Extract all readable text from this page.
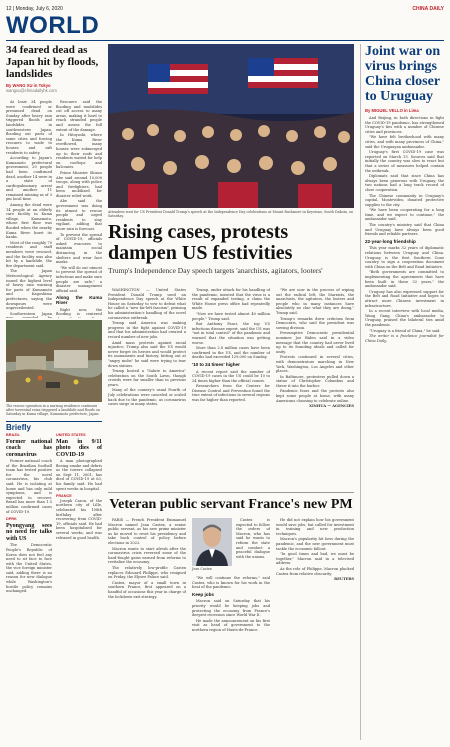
12 | Monday, July 6, 2020	CHINA DAILY
WORLD
34 feared dead as Japan hit by floods, landslides
By WANG XU in Tokyo
wangxu@chinadailyhk.com

At least 34 people were confirmed or presumed dead on Sunday after heavy rain triggered floods and landslides in southwestern Japan, flooding out parts of some cities and forcing rescuers to wade to houses and raft residents to safety.

According to Japan's Kumamoto prefectural government, 20 people had been confirmed dead, another 14 were in a state of cardiopulmonary arrest and another 11 remained missing as of 3 pm local time.

Among the dead were 14 people at an elderly care facility in Kuma village, Kumamoto, whose first floor was flooded when the nearby Kuma River burst its banks.

Most of the roughly 70 residents and staff members were rescued, and the facility was also hit by a landslide, the fire department said.

The Japan Meteorological Agency issued the highest level of heavy rain warning for parts of Kumamoto and Kagoshima prefectures, saying the downpours were unprecedented.

Southwestern Japan

Rescuers said the flooding and mudslides cut off access to many areas, making it hard to reach stranded people and assess the full extent of the damage.

In Hitoyoshi, where the Kuma River overflowed, many houses were submerged up to their roofs and residents waited for help on rooftops and balconies.

Prime Minister Shinzo Abe said around 10,000 troops, along with police and firefighters, had been mobilized for disaster relief work.

Abe said the government was doing its utmost to rescue people and urged residents to stay vigilant, adding that more rain is forecast.

To prevent the spread of COVID-19, officials asked evacuees to maintain social distancing in the shelters and wear face masks.

"We will do our utmost to prevent the spread of infections and make sure people are safe," a disaster management official said.

Along the Kuma River

Right now, the flooding is centered

The rescue operation in a nursing residence continues after torrential rains triggered a landslide and floods on Saturday in Kuma village, Kumamoto prefecture, Japan.
Briefly
BRAZIL
Former national coach has coronavirus

Former national coach of the Brazilian football team has tested positive for the novel coronavirus, his club said. He is isolating at home and has only mild symptoms, and is expected to recover. Brazil has more than 1.5 million confirmed cases of COVID-19.

DPRK
Pyongyang sees no need for talks with US

The Democratic People's Republic of Korea does not feel any need to sit face to face with the United States, the vice foreign minister said, adding there is no reason for new dialogue while Washington's hostile policy remains unchanged.

UNITED STATES
Man in 9/11 photo dies of COVID-19

A man photographed fleeing smoke and debris as the towers collapsed on Sept 11, 2001, has died of COVID-19 at 63, his family said. He had spent weeks in hospital.

FRANCE

Joseph Caron, of the northern city of Lille, celebrated his 108th birthday after recovering from COVID-19, officials said. He had been hospitalized for several weeks, and was released in good health.

Attendees wait for US President Donald Trump's speech at the Independence Day celebrations at Mount Rushmore in Keystone, South Dakota, on Saturday.
Rising cases, protests dampen US festivities
Trump's Independence Day speech targets 'anarchists, agitators, looters'

WASHINGTON — United States President Donald Trump used an Independence Day speech at the White House on Saturday to vow to defeat what he called a "new far-left fascism", praising his administration's handling of the novel coronavirus outbreak.

Trump said America was making progress in the fight against COVID-19 and that his administration had created a record number of new jobs.

Amid mass protests against racial injustice, Trump also said the US would never forget its heroes and would protect its monuments and history, hitting out at "angry mobs" he said were trying to tear down statues.

Trump hosted a "Salute to America" celebration on the South Lawn, though crowds were far smaller than in previous years.

Many of the country's usual Fourth of July celebrations were canceled or scaled back due to the pandemic, as coronavirus cases surge in many states.

Trump, under attack for his handling of the pandemic, insisted that the virus is a result of expanded testing, a claim the White House press office had repeatedly made.

"Now we have tested almost 40 million people," Trump said.

But Anthony Fauci, the top US infectious disease expert, said the US was "not in total control" of the pandemic and warned that the situation was getting worse.

More than 2.8 million cases have been confirmed in the US, and the number of deaths had exceeded 129,000 on Sunday.

'10 to 24 times' higher

A recent report said the number of COVID-19 cases in the US could be 10 to 24 times higher than the official counts.

Researchers from the Centers for Disease Control and Prevention found the true extent of infections in several regions was far higher than reported.

"We are now in the process of wiping out the radical left, the Marxists, the anarchists, the agitators, the looters and people who in many instances have absolutely no clue what they are doing," Trump said.

Trump's remarks drew criticism from Democrats, who said the president was sowing division.

Presumptive Democratic presidential nominee Joe Biden said in a video message that the country had never lived up to its founding ideals and called for unity.

Protests continued in several cities, with demonstrators marching in New York, Washington, Los Angeles and other places.

In Baltimore, protesters pulled down a statue of Christopher Columbus and threw it into the harbor.

Pandemic fears and the protests also kept some people at home, with many Americans choosing to celebrate online.

XINHUA — AGENCIES

Veteran public servant France's new PM

PARIS — French President Emmanuel Macron named Jean Castex, a senior public servant, as his new prime minister as he moved to reset his presidency and take back control of policy before elections in 2022.

Macron wants to start afresh after the coronavirus crisis reversed some of the hard-fought gains earned from reforms to revitalize the economy.

The relatively low-profile Castex replaces Edouard Philippe, who resigned on Friday, the Elysee Palace said.

Castex, mayor of a small town in southern France, first appeared on a handful of occasions this year in charge of the lockdown exit strategy.

Jean Castex

Castex is expected to follow the orders of Macron, who has said he wants to reform the state and conduct a peaceful dialogue with the unions.

"We will continue the reforms," said Castex, who is known for his work in the heat of the pandemic.

Keep jobs

Macron said on Saturday that his priority would be keeping jobs and protecting the economy from France's deepest recession since World War II.

He made the announcement on his first visit as head of government to the northern region of Hauts-de-France.

He did not explain how his government would save jobs, but called for investment in training and new production techniques.

Macron's popularity hit lows during the pandemic, and the new government must tackle the economic fallout.

"In good times and bad, we must be together," Macron said in a televised address.

As the role of Philippe, Macron plucked Castex from relative obscurity.

REUTERS

Joint war on virus brings China closer to Uruguay
By MIGUEL VELLO in Lima

And Beijing, in both directions in fight the COVID-19 pandemic, has strengthened Uruguay's ties with a number of Chinese cities and provinces.

"We have felt brotherhood with many cities, and with many provinces of China," said the Uruguayan ambassador.

Uruguay's first COVID-19 case was reported on March 13. Sources said that initially the country was slow to react but that a series of measures helped contain the outbreak.

Diplomats said that since China has always been generous with Uruguay, the two nations had a long track record of close cooperation.

The Chinese community in Uruguay's capital, Montevideo, donated protective supplies to the city.

"We have been cooperating for a long time, and we expect to continue," the ambassador said.

The country's ministry said that China and Uruguay have always been good friends and reliable partners.

22-year-long friendship

This year marks 32 years of diplomatic relations between Uruguay and China. Uruguay is the first Southern Cone country to sign a cooperation document with China on the Belt and Road Initiative.

"Both governments are committed to implementing the agreements that have been built in these 32 years," the ambassador said.

Uruguay has also expressed support for the Belt and Road Initiative and hopes to attract more Chinese investment in infrastructure.

In a recent interview with local media, Wang Gang, China's ambassador to Uruguay, praised the bilateral ties amid the pandemic.

"Uruguay is a friend of China," he said.

The writer is a freelance journalist for China Daily.
